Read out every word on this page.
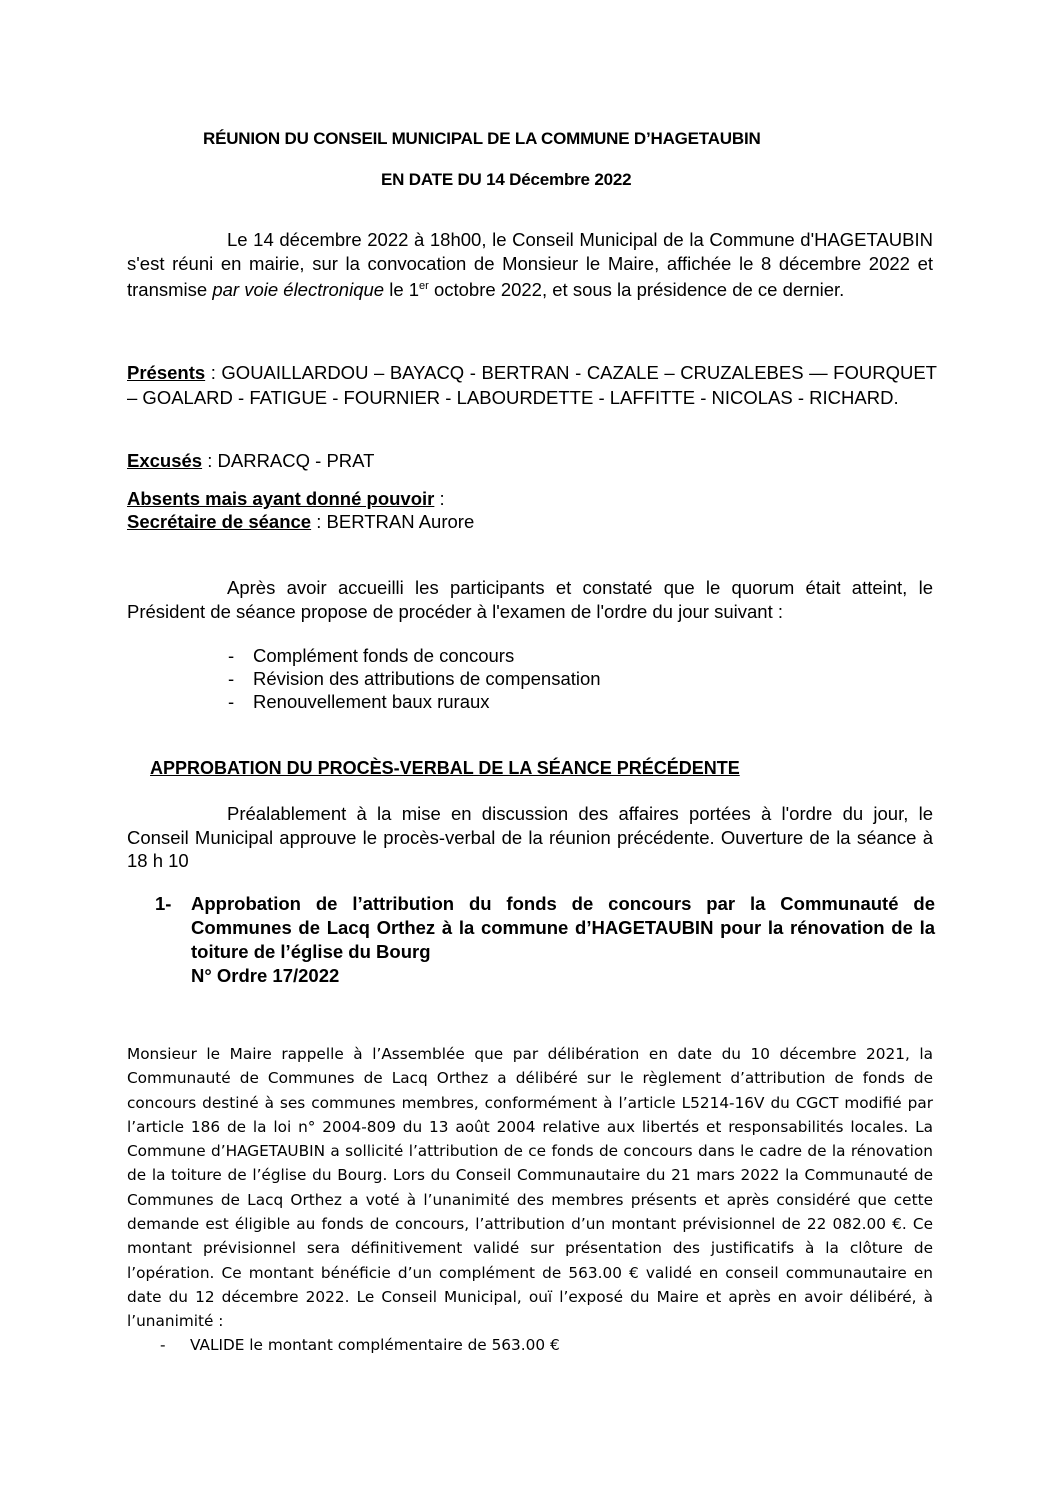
RÉUNION DU CONSEIL MUNICIPAL DE LA COMMUNE D’HAGETAUBIN
EN DATE DU 14 Décembre 2022
Le 14 décembre 2022 à 18h00, le Conseil Municipal de la Commune d'HAGETAUBIN s'est réuni en mairie, sur la convocation de Monsieur le Maire, affichée le 8 décembre 2022 et transmise par voie électronique le 1er octobre 2022, et sous la présidence de ce dernier.
Présents : GOUAILLARDOU – BAYACQ - BERTRAN - CAZALE – CRUZALEBES — FOURQUET – GOALARD - FATIGUE - FOURNIER - LABOURDETTE - LAFFITTE - NICOLAS - RICHARD.
Excusés : DARRACQ - PRAT
Absents mais ayant donné pouvoir :
Secrétaire de séance : BERTRAN Aurore
Après avoir accueilli les participants et constaté que le quorum était atteint, le Président de séance propose de procéder à l'examen de l'ordre du jour suivant :
- Complément fonds de concours
- Révision des attributions de compensation
- Renouvellement baux ruraux
APPROBATION DU PROCÈS-VERBAL DE LA SÉANCE PRÉCÉDENTE
Préalablement à la mise en discussion des affaires portées à l'ordre du jour, le Conseil Municipal approuve le procès-verbal de la réunion précédente. Ouverture de la séance à 18 h 10
1- Approbation de l’attribution du fonds de concours par la Communauté de Communes de Lacq Orthez à la commune d’HAGETAUBIN pour la rénovation de la toiture de l’église du Bourg
N° Ordre 17/2022
Monsieur le Maire rappelle à l’Assemblée que par délibération en date du 10 décembre 2021, la Communauté de Communes de Lacq Orthez a délibéré sur le règlement d’attribution de fonds de concours destiné à ses communes membres, conformément à l’article L5214-16V du CGCT modifié par l’article 186 de la loi n° 2004-809 du 13 août 2004 relative aux libertés et responsabilités locales. La Commune d’HAGETAUBIN a sollicité l’attribution de ce fonds de concours dans le cadre de la rénovation de la toiture de l’église du Bourg. Lors du Conseil Communautaire du 21 mars 2022 la Communauté de Communes de Lacq Orthez a voté à l’unanimité des membres présents et après considéré que cette demande est éligible au fonds de concours, l’attribution d’un montant prévisionnel de 22 082.00 €. Ce montant prévisionnel sera définitivement validé sur présentation des justificatifs à la clôture de l’opération. Ce montant bénéficie d’un complément de 563.00 € validé en conseil communautaire en date du 12 décembre 2022. Le Conseil Municipal, ouï l’exposé du Maire et après en avoir délibéré, à l’unanimité :
- VALIDE le montant complémentaire de 563.00 €
